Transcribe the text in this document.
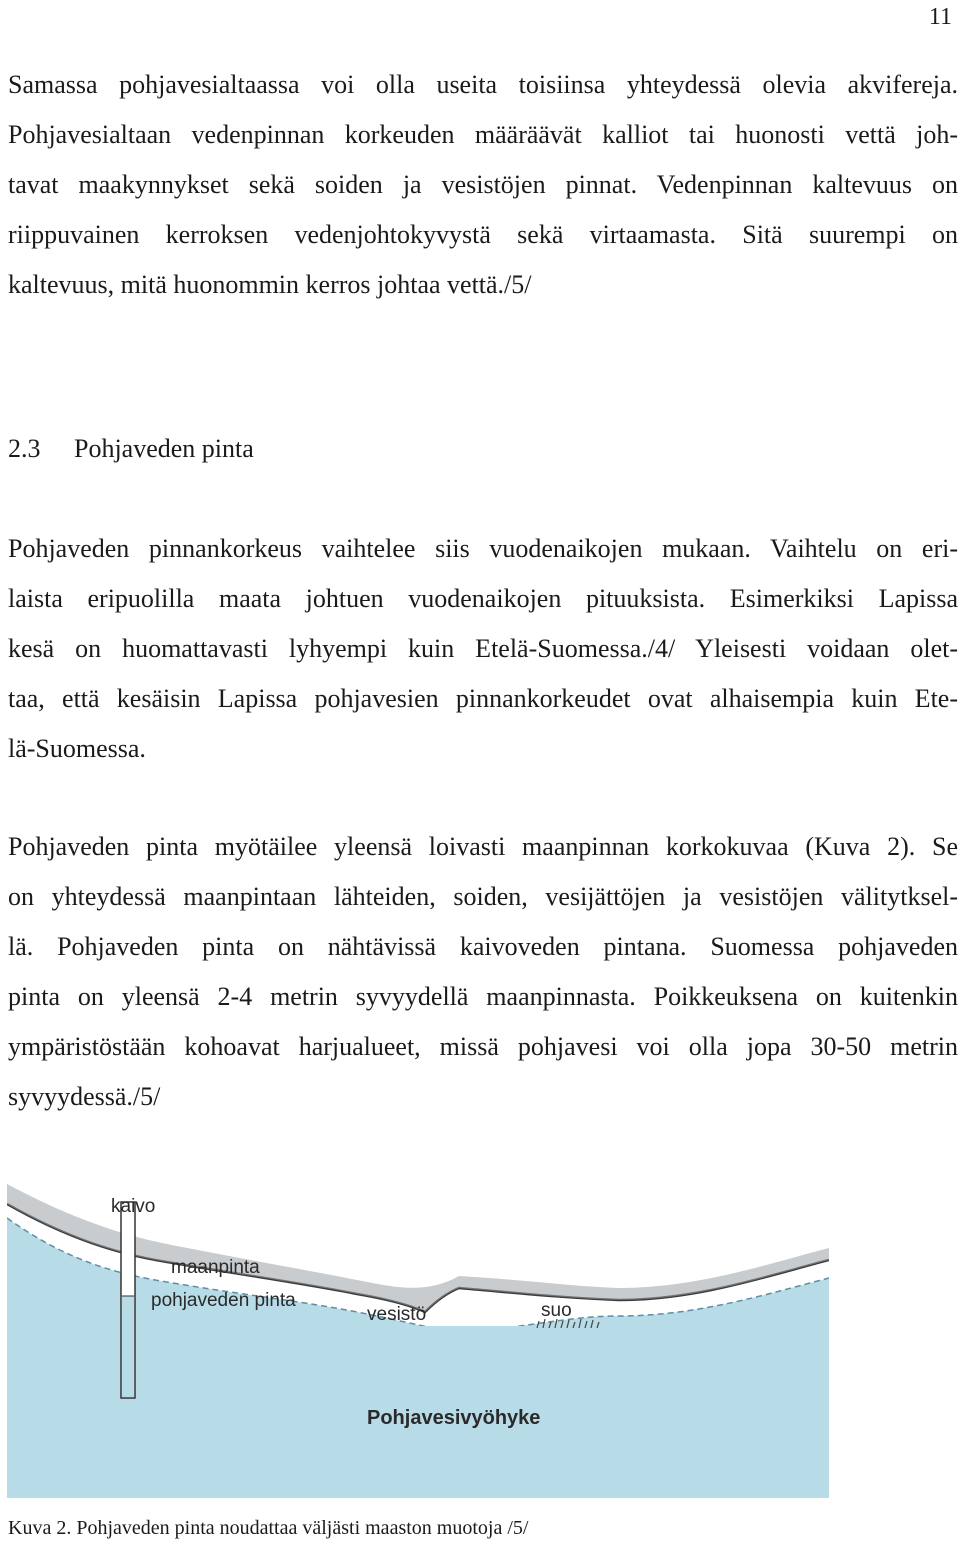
11
Samassa pohjavesialtaassa voi olla useita toisiinsa yhteydessä olevia akvifereja.
Pohjavesialtaan vedenpinnan korkeuden määräävät kalliot tai huonosti vettä joh-
tavat maakynnykset sekä soiden ja vesistöjen pinnat. Vedenpinnan kaltevuus on
riippuvainen kerroksen vedenjohtokyvystä sekä virtaamasta. Sitä suurempi on
kaltevuus, mitä huonommin kerros johtaa vettä./5/
2.3 Pohjaveden pinta
Pohjaveden pinnankorkeus vaihtelee siis vuodenaikojen mukaan. Vaihtelu on eri-
laista eripuolilla maata johtuen vuodenaikojen pituuksista. Esimerkiksi Lapissa
kesä on huomattavasti lyhyempi kuin Etelä-Suomessa./4/ Yleisesti voidaan olet-
taa, että kesäisin Lapissa pohjavesien pinnankorkeudet ovat alhaisempia kuin Ete-
lä-Suomessa.
Pohjaveden pinta myötäilee yleensä loivasti maanpinnan korkokuvaa (Kuva 2). Se
on yhteydessä maanpintaan lähteiden, soiden, vesijättöjen ja vesistöjen välitytksel-
lä. Pohjaveden pinta on nähtävissä kaivoveden pintana. Suomessa pohjaveden
pinta on yleensä 2-4 metrin syvyydellä maanpinnasta. Poikkeuksena on kuitenkin
ympäristöstään kohoavat harjualueet, missä pohjavesi voi olla jopa 30-50 metrin
syvyydessä./5/
kaivo
maanpinta
pohjaveden pinta
vesistö	suo
Pohjavesivyöhyke
Kuva 2. Pohjaveden pinta noudattaa väljästi maaston muotoja /5/
